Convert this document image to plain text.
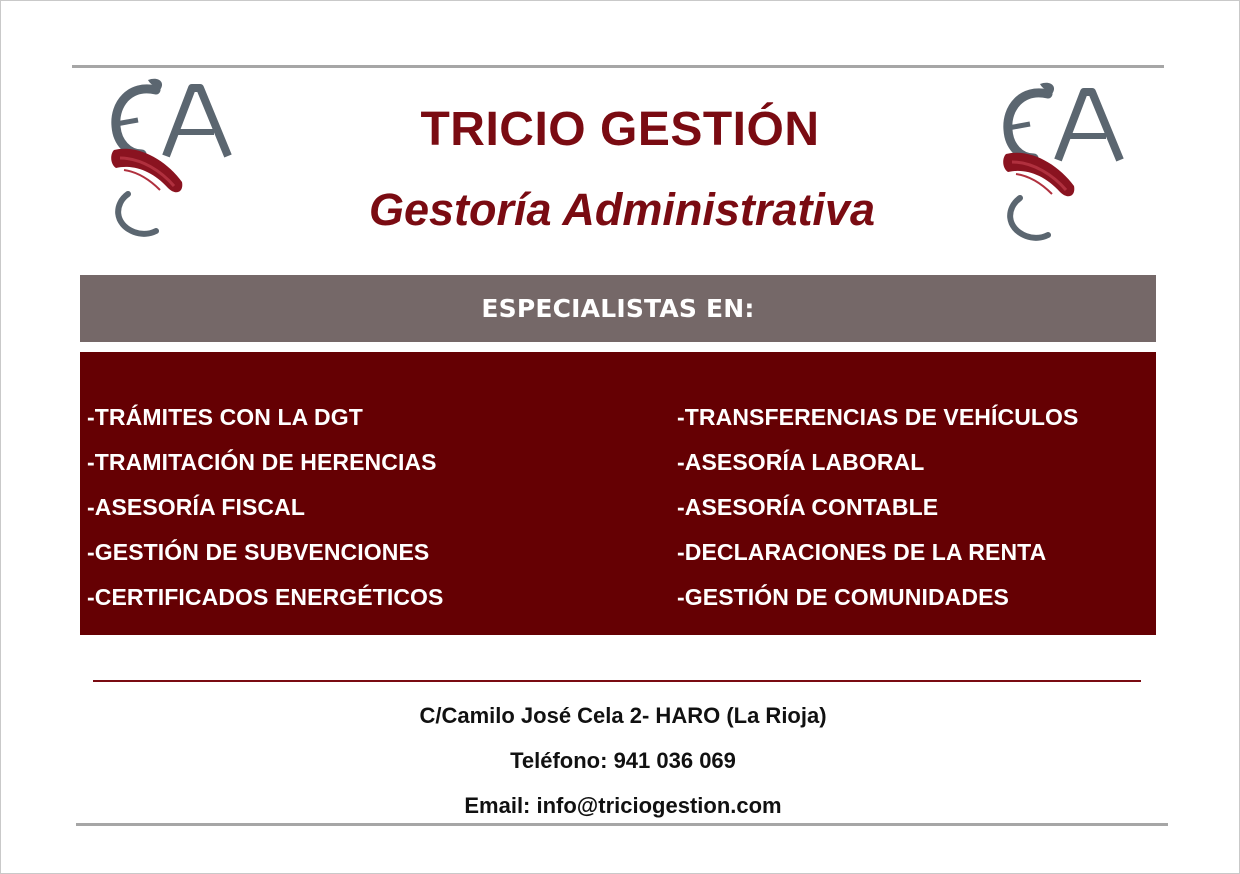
TRICIO GESTIÓN
Gestoría Administrativa
ESPECIALISTAS EN:
-TRÁMITES CON LA DGT
-TRAMITACIÓN DE HERENCIAS
-ASESORÍA FISCAL
-GESTIÓN DE SUBVENCIONES
-CERTIFICADOS ENERGÉTICOS
-TRANSFERENCIAS DE VEHÍCULOS
-ASESORÍA LABORAL
-ASESORÍA CONTABLE
-DECLARACIONES DE LA RENTA
-GESTIÓN DE COMUNIDADES
C/Camilo José Cela 2- HARO (La Rioja)
Teléfono: 941 036 069
Email: info@triciogestion.com
